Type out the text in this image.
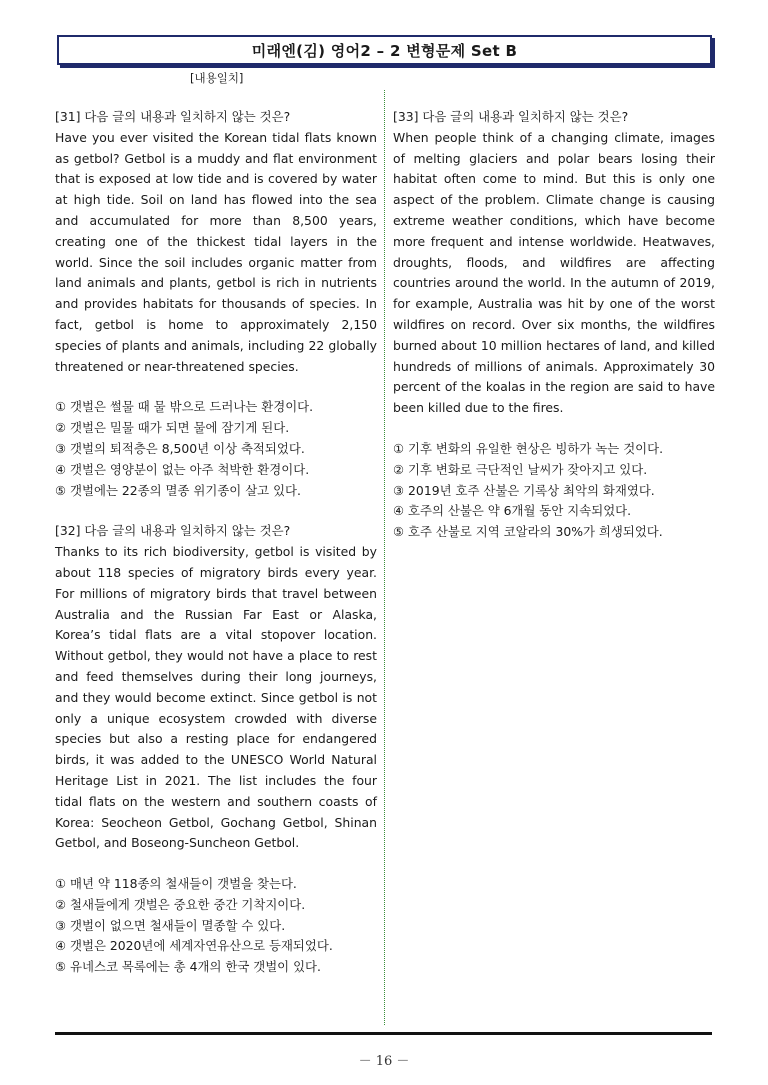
미래엔(김) 영어2 – 2 변형문제 Set B
[내용일치]
[31] 다음 글의 내용과 일치하지 않는 것은?

Have you ever visited the Korean tidal flats known as getbol? Getbol is a muddy and flat environment that is exposed at low tide and is covered by water at high tide. Soil on land has flowed into the sea and accumulated for more than 8,500 years, creating one of the thickest tidal layers in the world. Since the soil includes organic matter from land animals and plants, getbol is rich in nutrients and provides habitats for thousands of species. In fact, getbol is home to approximately 2,150 species of plants and animals, including 22 globally threatened or near-threatened species.

① 갯벌은 썰물 때 물 밖으로 드러나는 환경이다.
② 갯벌은 밀물 때가 되면 물에 잠기게 된다.
③ 갯벌의 퇴적층은 8,500년 이상 축적되었다.
④ 갯벌은 영양분이 없는 아주 척박한 환경이다.
⑤ 갯벌에는 22종의 멸종 위기종이 살고 있다.
[32] 다음 글의 내용과 일치하지 않는 것은?

Thanks to its rich biodiversity, getbol is visited by about 118 species of migratory birds every year. For millions of migratory birds that travel between Australia and the Russian Far East or Alaska, Korea’s tidal flats are a vital stopover location. Without getbol, they would not have a place to rest and feed themselves during their long journeys, and they would become extinct. Since getbol is not only a unique ecosystem crowded with diverse species but also a resting place for endangered birds, it was added to the UNESCO World Natural Heritage List in 2021. The list includes the four tidal flats on the western and southern coasts of Korea: Seocheon Getbol, Gochang Getbol, Shinan Getbol, and Boseong-Suncheon Getbol.

① 매년 약 118종의 철새들이 갯벌을 찾는다.
② 철새들에게 갯벌은 중요한 중간 기착지이다.
③ 갯벌이 없으면 철새들이 멸종할 수 있다.
④ 갯벌은 2020년에 세계자연유산으로 등재되었다.
⑤ 유네스코 목록에는 총 4개의 한국 갯벌이 있다.
[33] 다음 글의 내용과 일치하지 않는 것은?

When people think of a changing climate, images of melting glaciers and polar bears losing their habitat often come to mind. But this is only one aspect of the problem. Climate change is causing extreme weather conditions, which have become more frequent and intense worldwide. Heatwaves, droughts, floods, and wildfires are affecting countries around the world. In the autumn of 2019, for example, Australia was hit by one of the worst wildfires on record. Over six months, the wildfires burned about 10 million hectares of land, and killed hundreds of millions of animals. Approximately 30 percent of the koalas in the region are said to have been killed due to the fires.

① 기후 변화의 유일한 현상은 빙하가 녹는 것이다.
② 기후 변화로 극단적인 날씨가 잦아지고 있다.
③ 2019년 호주 산불은 기록상 최악의 화재였다.
④ 호주의 산불은 약 6개월 동안 지속되었다.
⑤ 호주 산불로 지역 코알라의 30%가 희생되었다.
－ 16 －
